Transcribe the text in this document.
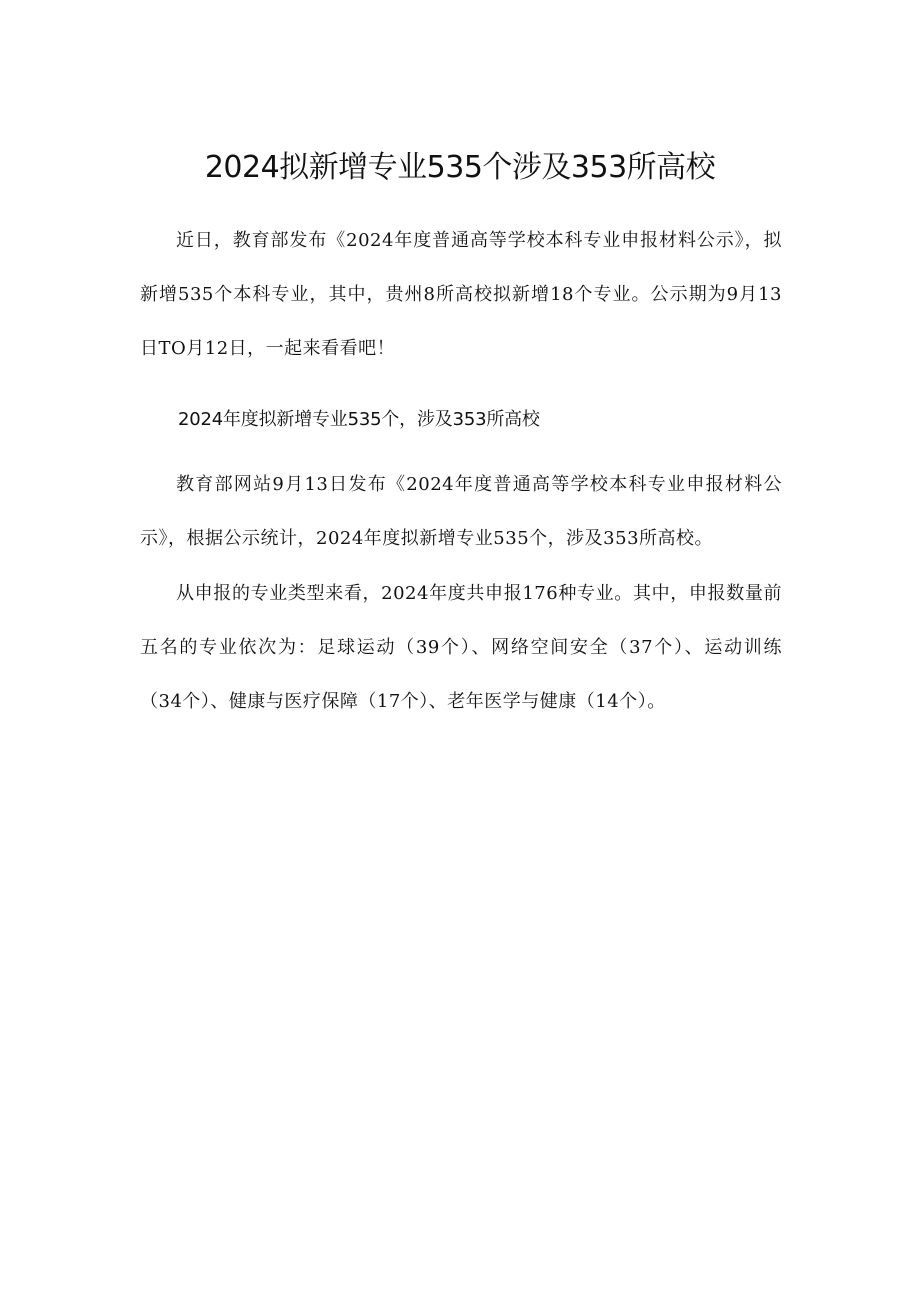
2024拟新增专业535个涉及353所高校

近日，教育部发布《2024年度普通高等学校本科专业申报材料公示》，拟新增535个本科专业，其中，贵州8所高校拟新增18个专业。公示期为9月13日TO月12日，一起来看看吧！

2024年度拟新增专业535个，涉及353所高校

教育部网站9月13日发布《2024年度普通高等学校本科专业申报材料公示》，根据公示统计，2024年度拟新增专业535个，涉及353所高校。

从申报的专业类型来看，2024年度共申报176种专业。其中，申报数量前五名的专业依次为：足球运动（39个）、网络空间安全（37个）、运动训练（34个）、健康与医疗保障（17个）、老年医学与健康（14个）。
